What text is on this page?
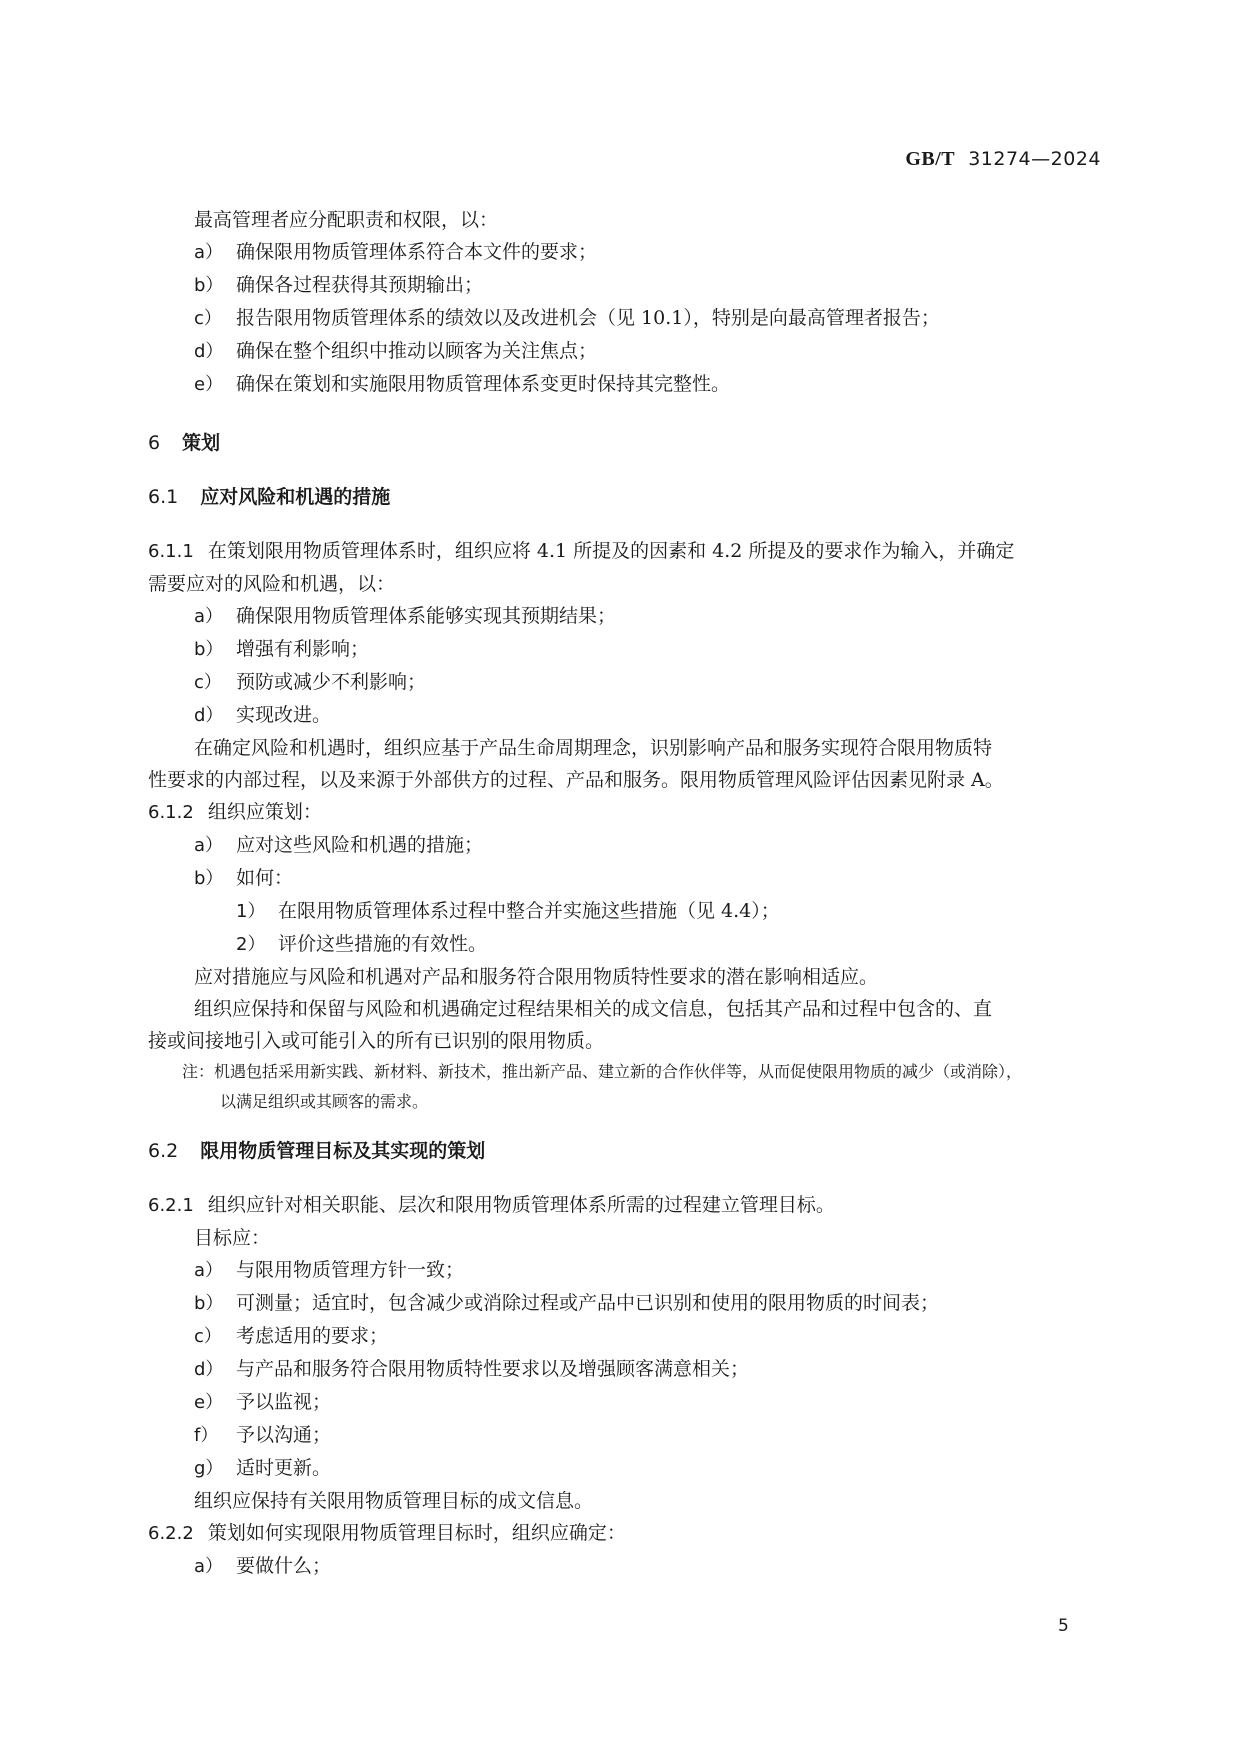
GB/T 31274—2024

最高管理者应分配职责和权限，以：

a） 确保限用物质管理体系符合本文件的要求；

b） 确保各过程获得其预期输出；

c） 报告限用物质管理体系的绩效以及改进机会（见 10.1），特别是向最高管理者报告；

d） 确保在整个组织中推动以顾客为关注焦点；

e） 确保在策划和实施限用物质管理体系变更时保持其完整性。

6 策划

6.1 应对风险和机遇的措施

6.1.1 在策划限用物质管理体系时，组织应将 4.1 所提及的因素和 4.2 所提及的要求作为输入，并确定

需要应对的风险和机遇，以：

a） 确保限用物质管理体系能够实现其预期结果；

b） 增强有利影响；

c） 预防或减少不利影响；

d） 实现改进。

在确定风险和机遇时，组织应基于产品生命周期理念，识别影响产品和服务实现符合限用物质特

性要求的内部过程，以及来源于外部供方的过程、产品和服务。限用物质管理风险评估因素见附录 A。

6.1.2 组织应策划：

a） 应对这些风险和机遇的措施；

b） 如何：

1） 在限用物质管理体系过程中整合并实施这些措施（见 4.4）；

2） 评价这些措施的有效性。

应对措施应与风险和机遇对产品和服务符合限用物质特性要求的潜在影响相适应。

组织应保持和保留与风险和机遇确定过程结果相关的成文信息，包括其产品和过程中包含的、直

接或间接地引入或可能引入的所有已识别的限用物质。

注：机遇包括采用新实践、新材料、新技术，推出新产品、建立新的合作伙伴等，从而促使限用物质的减少（或消除），

以满足组织或其顾客的需求。

6.2 限用物质管理目标及其实现的策划

6.2.1 组织应针对相关职能、层次和限用物质管理体系所需的过程建立管理目标。

目标应：

a） 与限用物质管理方针一致；

b） 可测量；适宜时，包含减少或消除过程或产品中已识别和使用的限用物质的时间表；

c） 考虑适用的要求；

d） 与产品和服务符合限用物质特性要求以及增强顾客满意相关；

e） 予以监视；

f） 予以沟通；

g） 适时更新。

组织应保持有关限用物质管理目标的成文信息。

6.2.2 策划如何实现限用物质管理目标时，组织应确定：

a） 要做什么；

5
